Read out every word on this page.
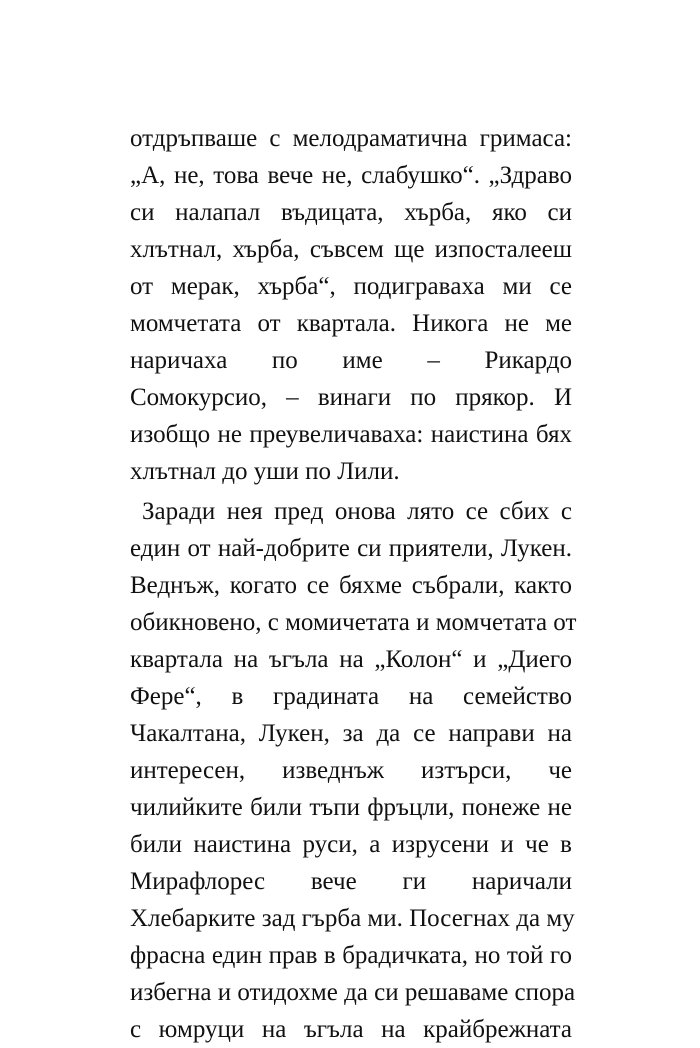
отдръпваше с мелодраматична гримаса:
„А, не, това вече не, слабушко“. „Здраво
си налапал въдицата, хърба, яко си
хлътнал, хърба, съвсем ще изпосталееш
от мерак, хърба“, подигравaха ми се
момчетата от квартала. Никога не ме
наричаха по име – Рикардо
Сомокурсио, – винаги по прякор. И
изобщо не преувеличаваха: наистина бях
хлътнал до уши по Лили.
Заради нея пред онова лято се сбих с
един от най-добрите си приятели, Лукен.
Веднъж, когато се бяхме събрали, както
обикновено, с момичетата и момчетата от
квартала на ъгъла на „Колон“ и „Диего
Фере“, в градината на семейство
Чакалтана, Лукен, за да се направи на
интересен, изведнъж изтърси, че
чилийките били тъпи фръцли, понеже не
били наистина руси, а изрусени и че в
Мирафлорес вече ги наричали
Хлебарките зад гърба ми. Посегнах да му
фрасна един прав в брадичката, но той го
избегна и отидохме да си решаваме спора
с юмруци на ъгъла на крайбрежната
